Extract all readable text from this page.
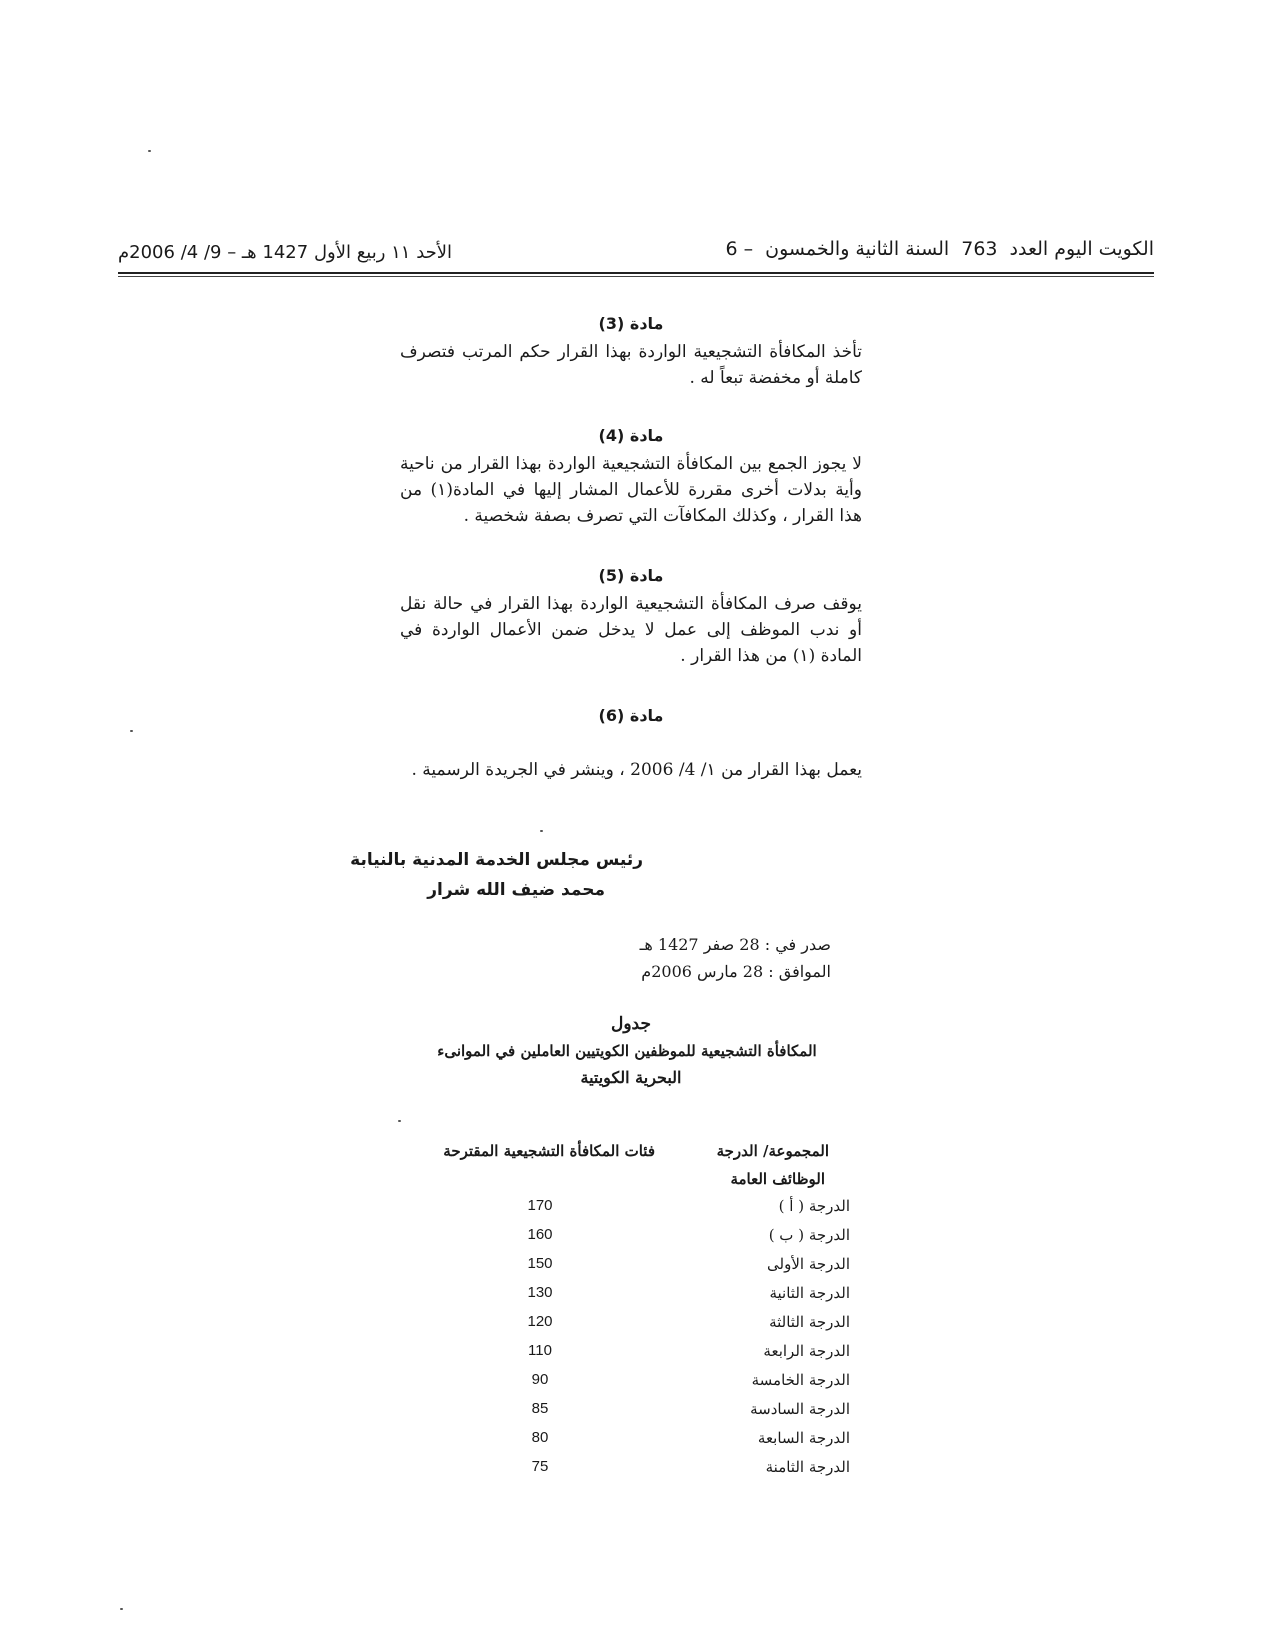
الكويت اليوم العدد 763 السنة الثانية والخمسون – 6
الأحد ١١ ربيع الأول 1427 هـ – 9/ 4/ 2006م
مادة (3)
تأخذ المكافأة التشجيعية الواردة بهذا القرار حكم المرتب فتصرف كاملة أو مخفضة تبعاً له .
مادة (4)
لا يجوز الجمع بين المكافأة التشجيعية الواردة بهذا القرار من ناحية وأية بدلات أخرى مقررة للأعمال المشار إليها في المادة(١) من هذا القرار ، وكذلك المكافآت التي تصرف بصفة شخصية .
مادة (5)
يوقف صرف المكافأة التشجيعية الواردة بهذا القرار في حالة نقل أو ندب الموظف إلى عمل لا يدخل ضمن الأعمال الواردة في المادة (١) من هذا القرار .
مادة (6)
يعمل بهذا القرار من ١/ 4/ 2006 ، وينشر في الجريدة الرسمية .
رئيس مجلس الخدمة المدنية بالنيابة
محمد ضيف الله شرار
صدر في : 28 صفر 1427 هـ
الموافق : 28 مارس 2006م
جدول
المكافأة التشجيعية للموظفين الكويتيين العاملين في الموانىء
البحرية الكويتية
المجموعة/ الدرجة
فئات المكافأة التشجيعية المقترحة
الوظائف العامة
الدرجة ( أ )
170
الدرجة ( ب )
160
الدرجة الأولى
150
الدرجة الثانية
130
الدرجة الثالثة
120
الدرجة الرابعة
110
الدرجة الخامسة
90
الدرجة السادسة
85
الدرجة السابعة
80
الدرجة الثامنة
75
